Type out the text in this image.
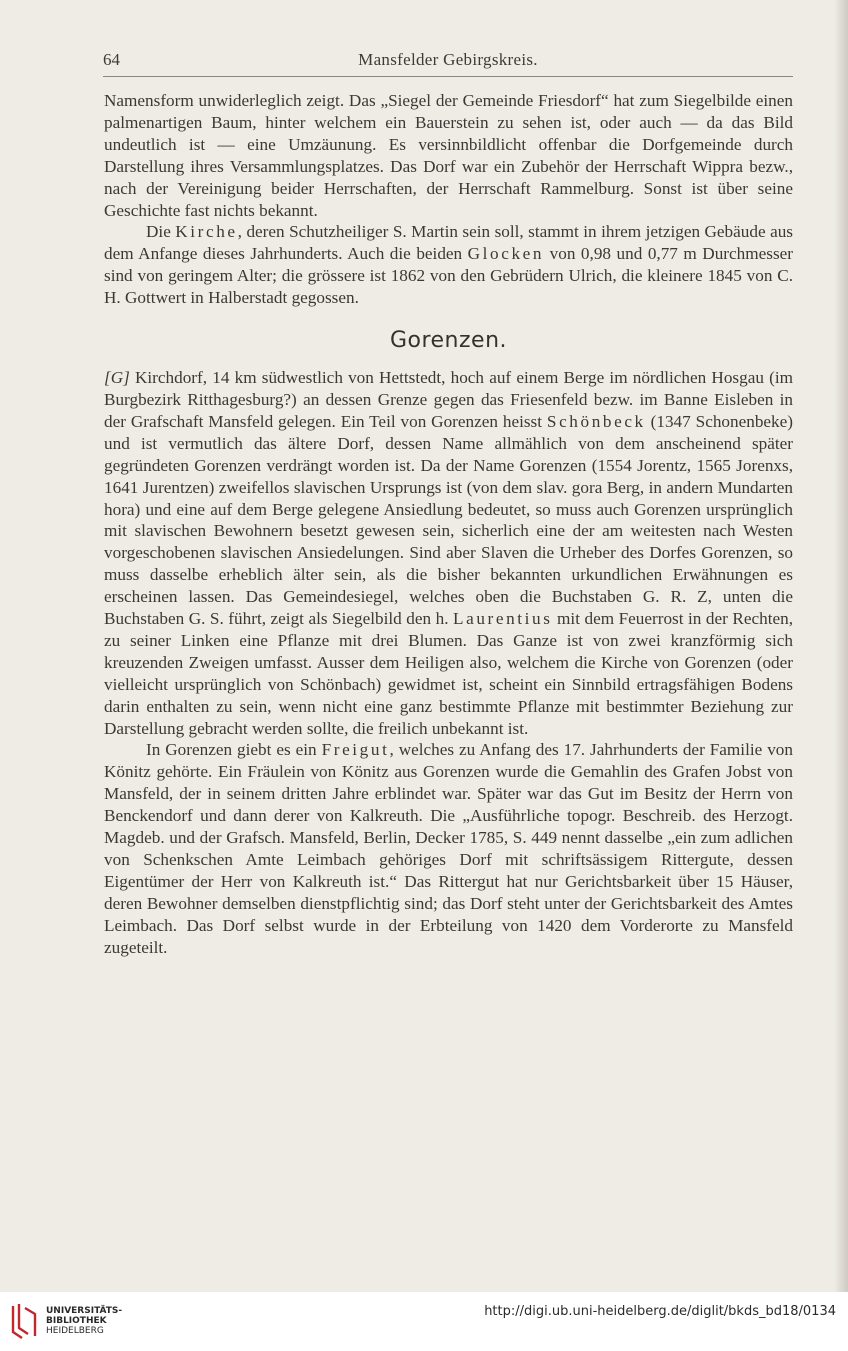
64	Mansfelder Gebirgskreis.

Namensform unwiderleglich zeigt. Das „Siegel der Gemeinde Friesdorf“ hat zum Siegelbilde einen palmenartigen Baum, hinter welchem ein Bauerstein zu sehen ist, oder auch — da das Bild undeutlich ist — eine Umzäunung. Es versinnbildlicht offenbar die Dorfgemeinde durch Darstellung ihres Versammlungsplatzes. Das Dorf war ein Zubehör der Herrschaft Wippra bezw., nach der Vereinigung beider Herrschaften, der Herrschaft Rammelburg. Sonst ist über seine Geschichte fast nichts bekannt.

Die Kirche, deren Schutzheiliger S. Martin sein soll, stammt in ihrem jetzigen Gebäude aus dem Anfange dieses Jahrhunderts. Auch die beiden Glocken von 0,98 und 0,77 m Durchmesser sind von geringem Alter; die grössere ist 1862 von den Gebrüdern Ulrich, die kleinere 1845 von C. H. Gottwert in Halberstadt gegossen.

Gorenzen.

[G] Kirchdorf, 14 km südwestlich von Hettstedt, hoch auf einem Berge im nördlichen Hosgau (im Burgbezirk Ritthagesburg?) an dessen Grenze gegen das Friesenfeld bezw. im Banne Eisleben in der Grafschaft Mansfeld gelegen. Ein Teil von Gorenzen heisst Schönbeck (1347 Schonenbeke) und ist vermutlich das ältere Dorf, dessen Name allmählich von dem anscheinend später gegründeten Gorenzen verdrängt worden ist. Da der Name Gorenzen (1554 Jorentz, 1565 Jorenxs, 1641 Jurentzen) zweifellos slavischen Ursprungs ist (von dem slav. gora Berg, in andern Mundarten hora) und eine auf dem Berge gelegene Ansiedlung bedeutet, so muss auch Gorenzen ursprünglich mit slavischen Bewohnern besetzt gewesen sein, sicherlich eine der am weitesten nach Westen vorgeschobenen slavischen Ansiedelungen. Sind aber Slaven die Urheber des Dorfes Gorenzen, so muss dasselbe erheblich älter sein, als die bisher bekannten urkundlichen Erwähnungen es erscheinen lassen. Das Gemeindesiegel, welches oben die Buchstaben G. R. Z, unten die Buchstaben G. S. führt, zeigt als Siegelbild den h. Laurentius mit dem Feuerrost in der Rechten, zu seiner Linken eine Pflanze mit drei Blumen. Das Ganze ist von zwei kranzförmig sich kreuzenden Zweigen umfasst. Ausser dem Heiligen also, welchem die Kirche von Gorenzen (oder vielleicht ursprünglich von Schönbach) gewidmet ist, scheint ein Sinnbild ertragsfähigen Bodens darin enthalten zu sein, wenn nicht eine ganz bestimmte Pflanze mit bestimmter Beziehung zur Darstellung gebracht werden sollte, die freilich unbekannt ist.

In Gorenzen giebt es ein Freigut, welches zu Anfang des 17. Jahrhunderts der Familie von Könitz gehörte. Ein Fräulein von Könitz aus Gorenzen wurde die Gemahlin des Grafen Jobst von Mansfeld, der in seinem dritten Jahre erblindet war. Später war das Gut im Besitz der Herrn von Benckendorf und dann derer von Kalkreuth. Die „Ausführliche topogr. Beschreib. des Herzogt. Magdeb. und der Grafsch. Mansfeld, Berlin, Decker 1785, S. 449 nennt dasselbe „ein zum adlichen von Schenkschen Amte Leimbach gehöriges Dorf mit schriftsässigem Rittergute, dessen Eigentümer der Herr von Kalkreuth ist.“ Das Rittergut hat nur Gerichtsbarkeit über 15 Häuser, deren Bewohner demselben dienstpflichtig sind; das Dorf steht unter der Gerichtsbarkeit des Amtes Leimbach. Das Dorf selbst wurde in der Erbteilung von 1420 dem Vorderorte zu Mansfeld zugeteilt.

UNIVERSITÄTS-
BIBLIOTHEK
HEIDELBERG
http://digi.ub.uni-heidelberg.de/diglit/bkds_bd18/0134
